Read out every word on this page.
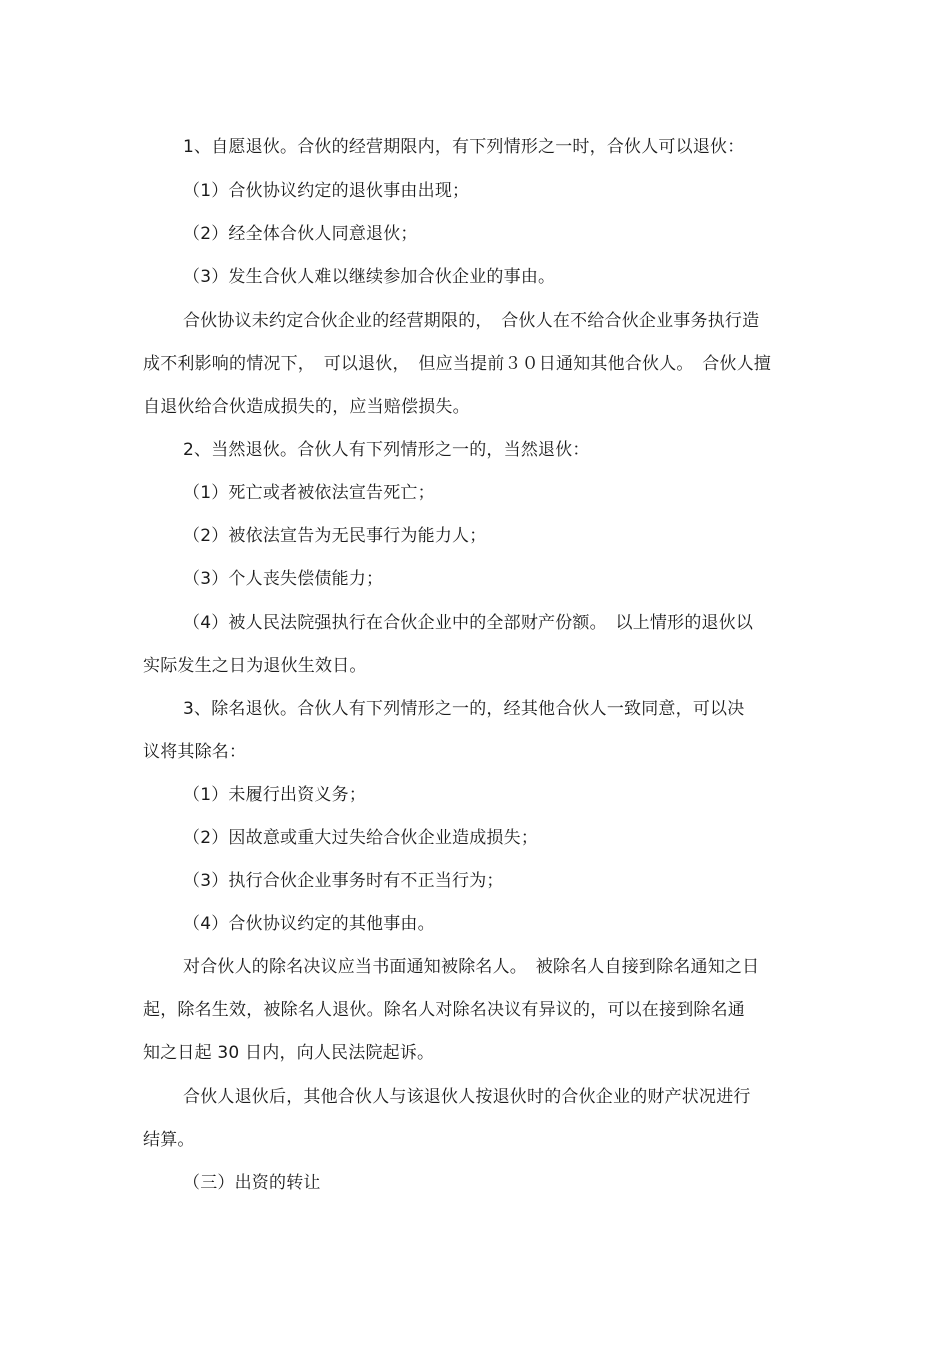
1、自愿退伙。合伙的经营期限内，有下列情形之一时，合伙人可以退伙：
（1）合伙协议约定的退伙事由出现；
（2）经全体合伙人同意退伙；
（3）发生合伙人难以继续参加合伙企业的事由。
合伙协议未约定合伙企业的经营期限的，　合伙人在不给合伙企业事务执行造
成不利影响的情况下，　可以退伙，　但应当提前３０日通知其他合伙人。　合伙人擅
自退伙给合伙造成损失的，应当赔偿损失。
2、当然退伙。合伙人有下列情形之一的，当然退伙：
（1）死亡或者被依法宣告死亡；
（2）被依法宣告为无民事行为能力人；
（3）个人丧失偿债能力；
（4）被人民法院强执行在合伙企业中的全部财产份额。　以上情形的退伙以
实际发生之日为退伙生效日。
3、除名退伙。合伙人有下列情形之一的，经其他合伙人一致同意，可以决
议将其除名：
（1）未履行出资义务；
（2）因故意或重大过失给合伙企业造成损失；
（3）执行合伙企业事务时有不正当行为；
（4）合伙协议约定的其他事由。
对合伙人的除名决议应当书面通知被除名人。　被除名人自接到除名通知之日
起，除名生效，被除名人退伙。除名人对除名决议有异议的，可以在接到除名通
知之日起 30 日内，向人民法院起诉。
合伙人退伙后，其他合伙人与该退伙人按退伙时的合伙企业的财产状况进行
结算。
（三）出资的转让
